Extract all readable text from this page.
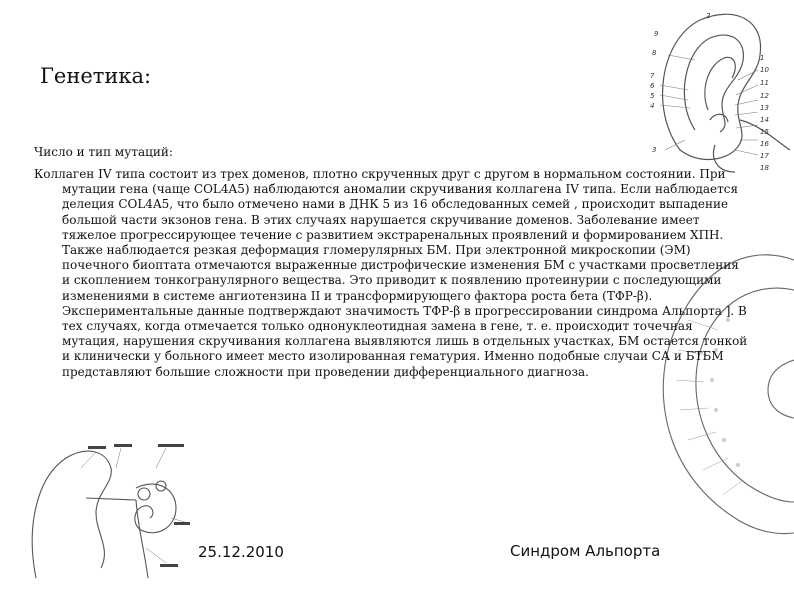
2
9
8
6
5
4
7
3
1
10
11
12
13
14
15
16
17
18
Генетика:
Число и тип мутаций:

Коллаген IV типа состоит из трех доменов, плотно скрученных друг с другом в нормальном состоянии. При мутации гена (чаще COL4A5) наблюдаются аномалии скручивания коллагена IV типа. Если наблюдается делеция COL4A5, что было отмечено нами в ДНК 5 из 16 обследованных семей , происходит выпадение большой части экзонов гена. В этих случаях нарушается скручивание доменов. Заболевание имеет тяжелое прогрессирующее течение с развитием экстраренальных проявлений и формированием ХПН. Также наблюдается резкая деформация гломерулярных БМ. При электронной микроскопии (ЭМ) почечного биоптата отмечаются выраженные дистрофические изменения БМ с участками просветления и скоплением тонкогранулярного вещества. Это приводит к появлению протеинурии с последующими изменениями в системе ангиотензина II и трансформирующего фактора роста бета (ТФР-β). Экспериментальные данные подтверждают значимость ТФР-β в прогрессировании синдрома Альпорта ]. В тех случаях, когда отмечается только однонуклеотидная замена в гене, т. е. происходит точечная мутация, нарушения скручивания коллагена выявляются лишь в отдельных участках, БМ остается тонкой и клинически у больного имеет место изолированная гематурия. Именно подобные случаи СА и БТБМ представляют большие сложности при проведении дифференциального диагноза.

25.12.2010	Синдром Альпорта
